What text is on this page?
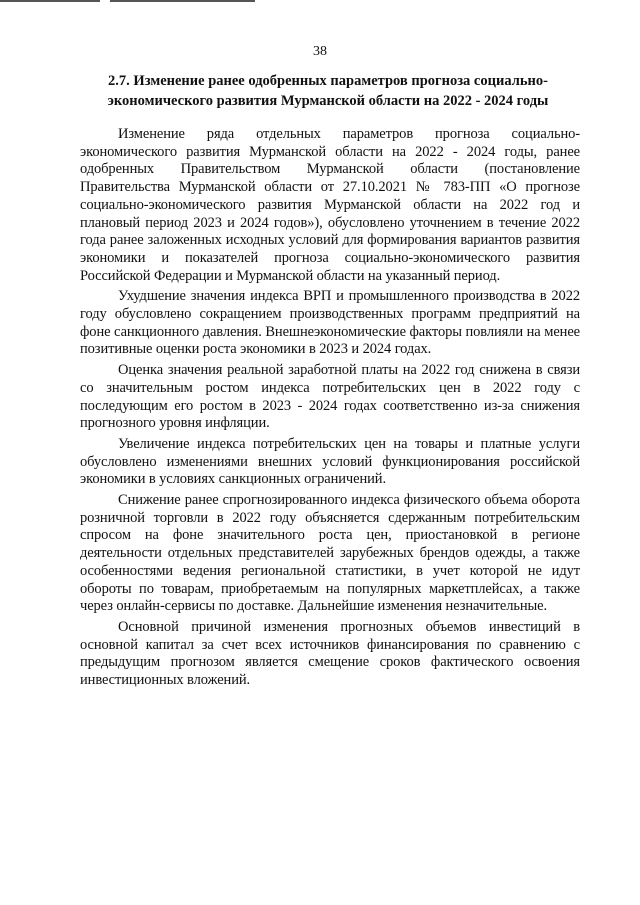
38
2.7. Изменение ранее одобренных параметров прогноза социально-экономического развития Мурманской области на 2022 - 2024 годы

Изменение ряда отдельных параметров прогноза социально-экономического развития Мурманской области на 2022 - 2024 годы, ранее одобренных Правительством Мурманской области (постановление Правительства Мурманской области от 27.10.2021 № 783-ПП «О прогнозе социально-экономического развития Мурманской области на 2022 год и плановый период 2023 и 2024 годов»), обусловлено уточнением в течение 2022 года ранее заложенных исходных условий для формирования вариантов развития экономики и показателей прогноза социально-экономического развития Российской Федерации и Мурманской области на указанный период.

Ухудшение значения индекса ВРП и промышленного производства в 2022 году обусловлено сокращением производственных программ предприятий на фоне санкционного давления. Внешнеэкономические факторы повлияли на менее позитивные оценки роста экономики в 2023 и 2024 годах.

Оценка значения реальной заработной платы на 2022 год снижена в связи со значительным ростом индекса потребительских цен в 2022 году с последующим его ростом в 2023 - 2024 годах соответственно из-за снижения прогнозного уровня инфляции.

Увеличение индекса потребительских цен на товары и платные услуги обусловлено изменениями внешних условий функционирования российской экономики в условиях санкционных ограничений.

Снижение ранее спрогнозированного индекса физического объема оборота розничной торговли в 2022 году объясняется сдержанным потребительским спросом на фоне значительного роста цен, приостановкой в регионе деятельности отдельных представителей зарубежных брендов одежды, а также особенностями ведения региональной статистики, в учет которой не идут обороты по товарам, приобретаемым на популярных маркетплейсах, а также через онлайн-сервисы по доставке. Дальнейшие изменения незначительные.

Основной причиной изменения прогнозных объемов инвестиций в основной капитал за счет всех источников финансирования по сравнению с предыдущим прогнозом является смещение сроков фактического освоения инвестиционных вложений.
